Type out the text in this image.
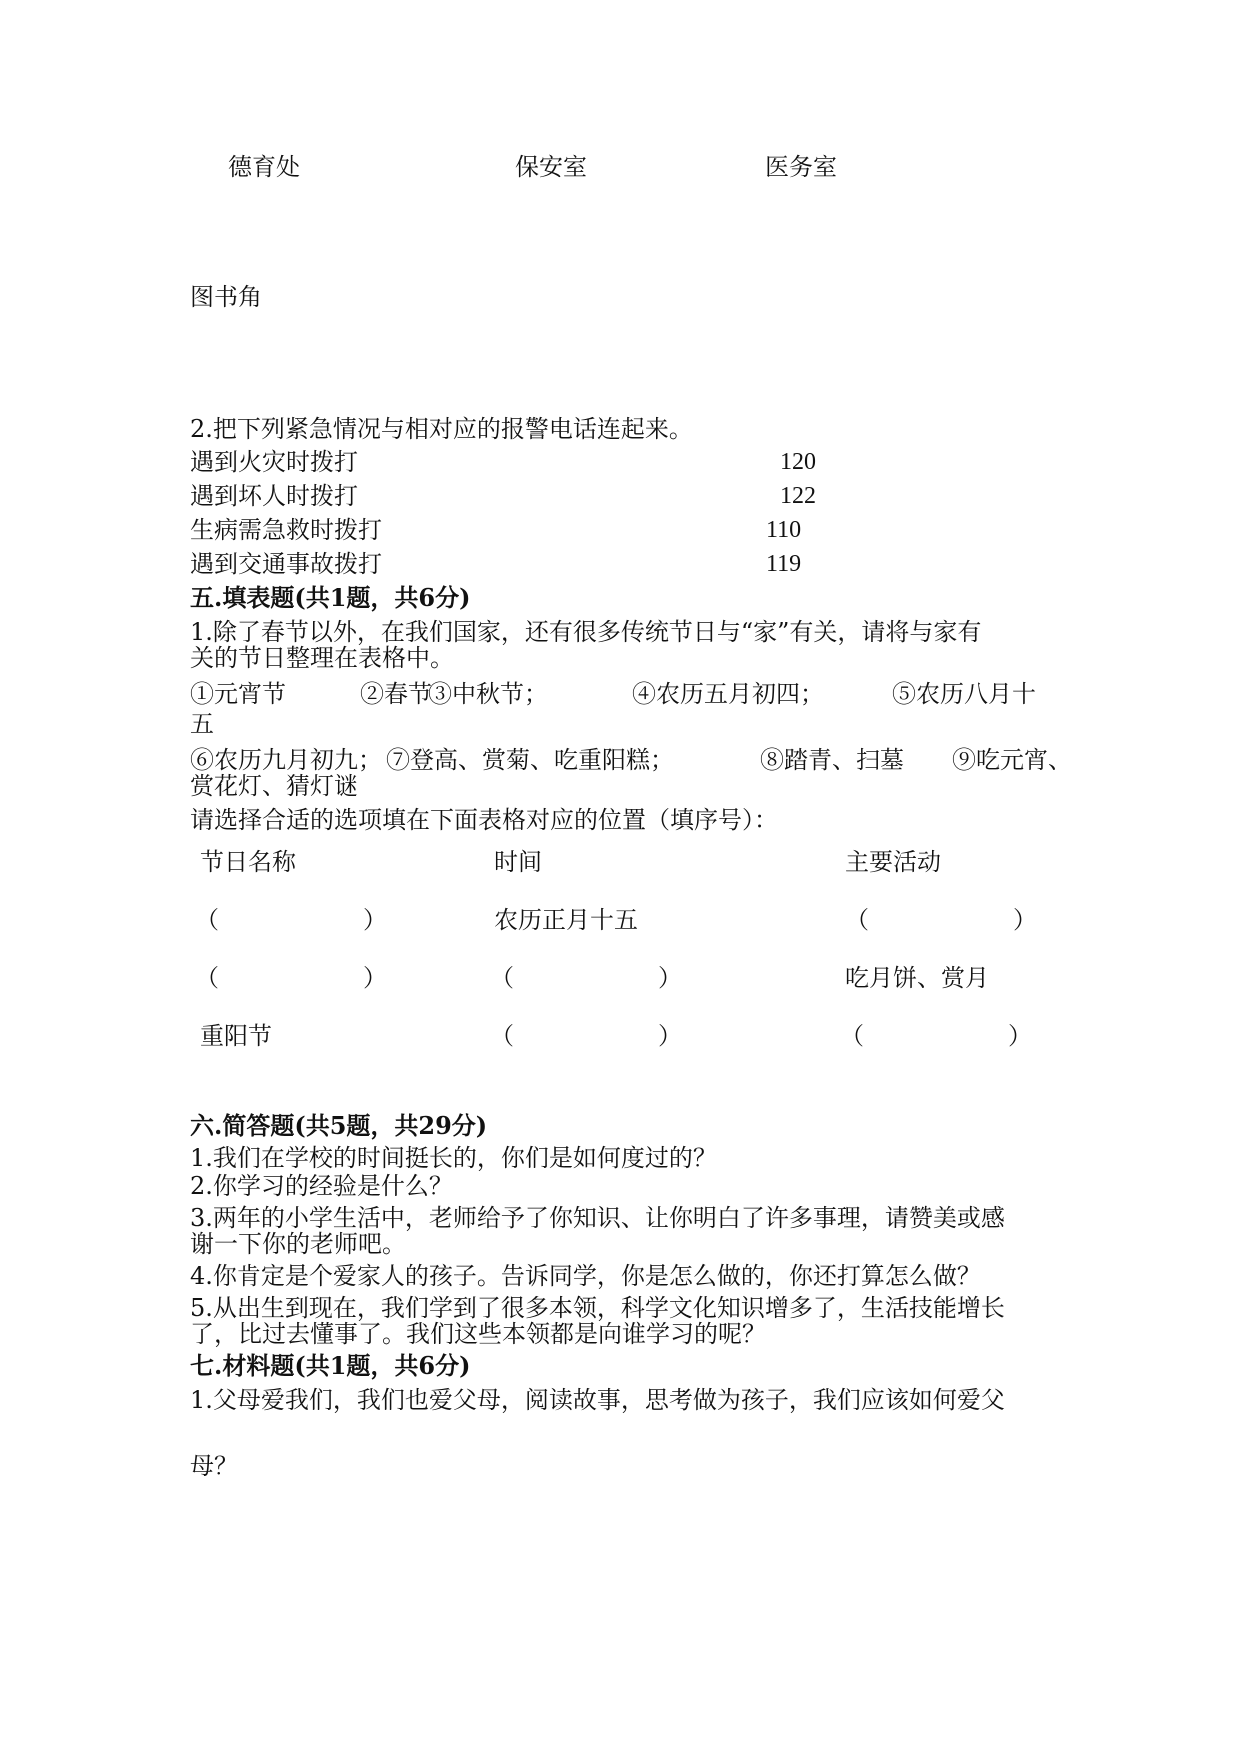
德育处	保安室	医务室
图书角
2.把下列紧急情况与相对应的报警电话连起来。
遇到火灾时拨打	120
遇到坏人时拨打	122
生病需急救时拨打	110
遇到交通事故拨打	119
五.填表题(共1题，共6分)
1.除了春节以外，在我们国家，还有很多传统节日与“家”有关，请将与家有
关的节日整理在表格中。
①元宵节	②春节
③中秋节；	④农历五月初四；	⑤农历八月十
五
⑥农历九月初九； ⑦登高、赏菊、吃重阳糕；	⑧踏青、扫墓 ⑨吃元宵、
赏花灯、猜灯谜
请选择合适的选项填在下面表格对应的位置（填序号）：
节日名称	时间	主要活动
（　　　　　　）	农历正月十五	（　　　　　　）
（　　　　　　）	（　　　　　　）	吃月饼、赏月
重阳节	（　　　　　　）	（　　　　　　）
六.简答题(共5题，共29分)
1.我们在学校的时间挺长的，你们是如何度过的？
2.你学习的经验是什么？
3.两年的小学生活中，老师给予了你知识、让你明白了许多事理，请赞美或感
谢一下你的老师吧。
4.你肯定是个爱家人的孩子。告诉同学，你是怎么做的，你还打算怎么做？
5.从出生到现在，我们学到了很多本领，科学文化知识增多了，生活技能增长
了，比过去懂事了。我们这些本领都是向谁学习的呢？
七.材料题(共1题，共6分)
1.父母爱我们，我们也爱父母，阅读故事，思考做为孩子，我们应该如何爱父
母？
